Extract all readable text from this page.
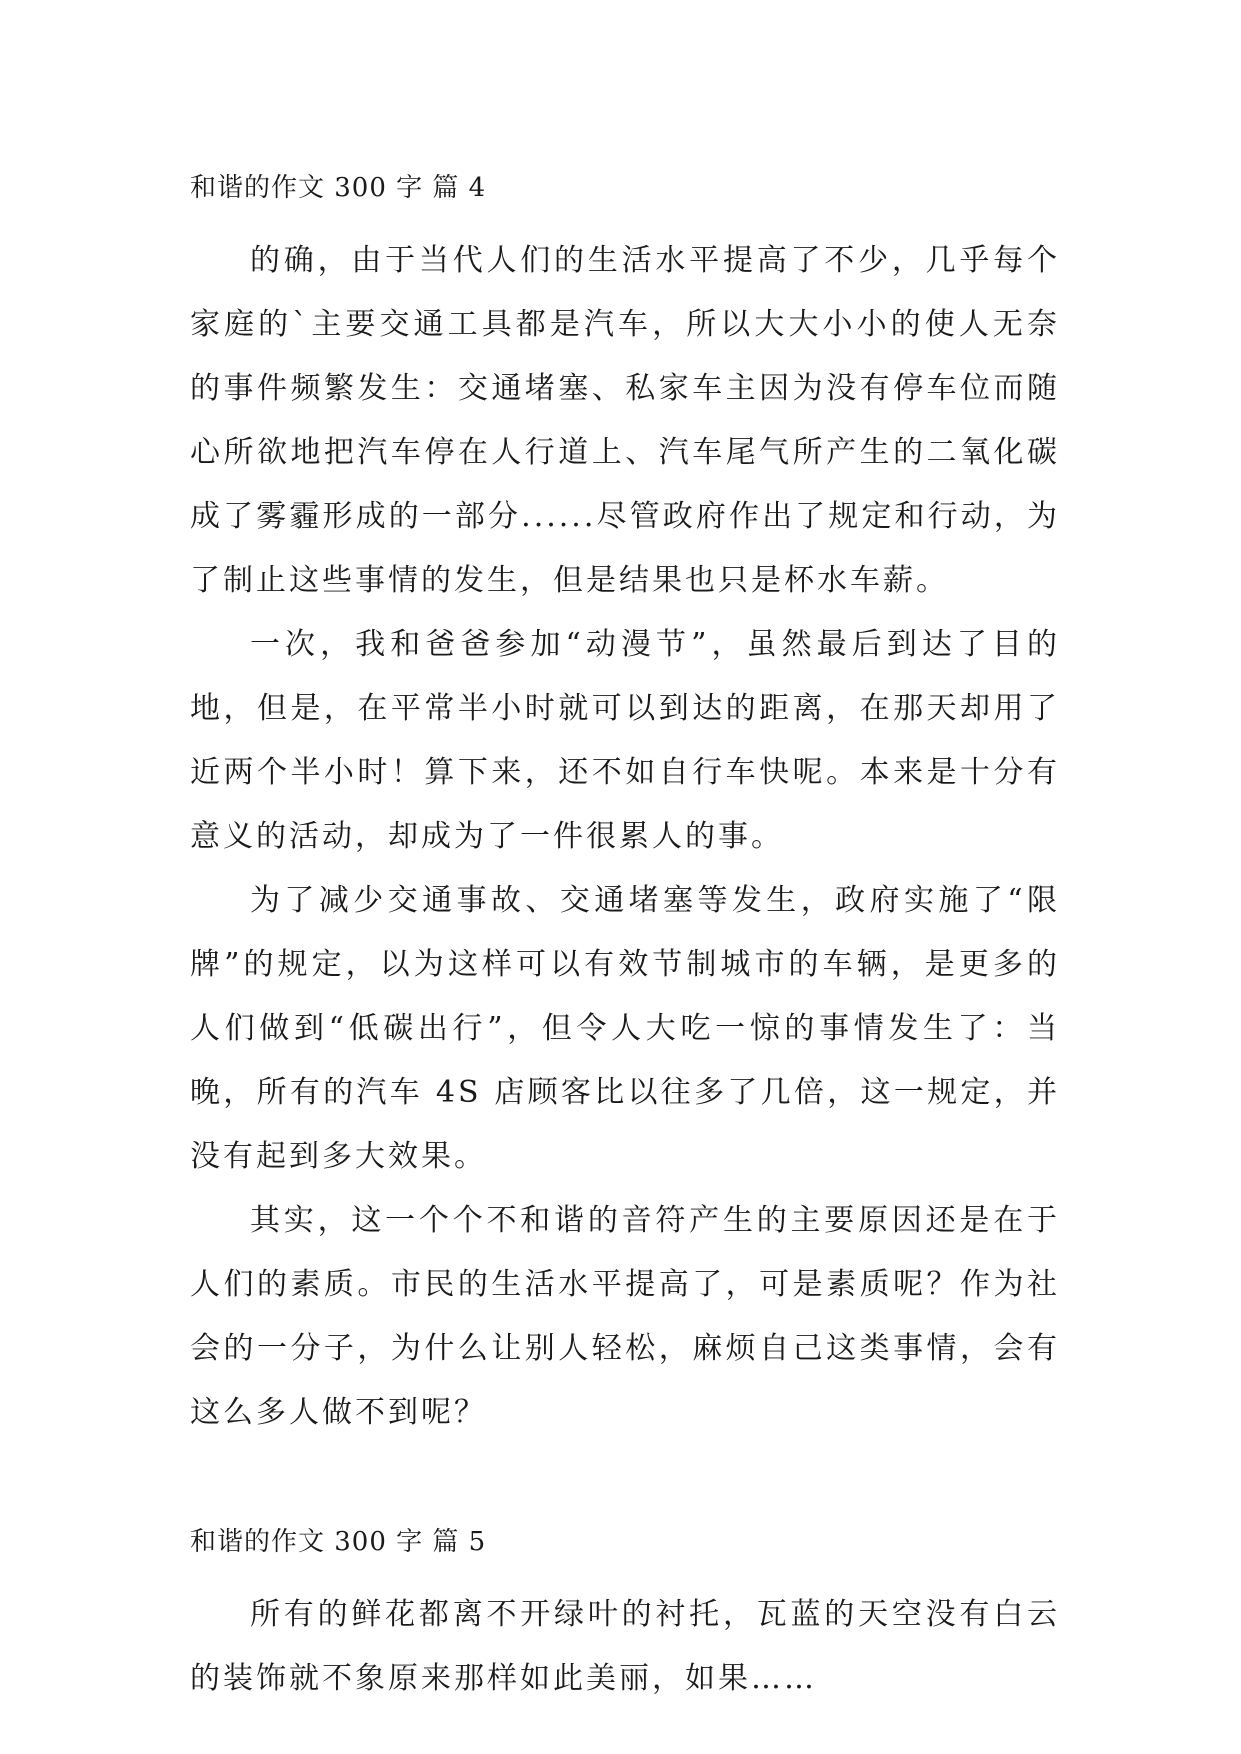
和谐的作文 300 字 篇 4

的确，由于当代人们的生活水平提高了不少，几乎每个家庭的`主要交通工具都是汽车，所以大大小小的使人无奈的事件频繁发生：交通堵塞、私家车主因为没有停车位而随心所欲地把汽车停在人行道上、汽车尾气所产生的二氧化碳成了雾霾形成的一部分......尽管政府作出了规定和行动，为了制止这些事情的发生，但是结果也只是杯水车薪。

一次，我和爸爸参加“动漫节”，虽然最后到达了目的地，但是，在平常半小时就可以到达的距离，在那天却用了近两个半小时！算下来，还不如自行车快呢。本来是十分有意义的活动，却成为了一件很累人的事。

为了减少交通事故、交通堵塞等发生，政府实施了“限牌”的规定，以为这样可以有效节制城市的车辆，是更多的人们做到“低碳出行”，但令人大吃一惊的事情发生了：当晚，所有的汽车 4S 店顾客比以往多了几倍，这一规定，并没有起到多大效果。

其实，这一个个不和谐的音符产生的主要原因还是在于人们的素质。市民的生活水平提高了，可是素质呢？作为社会的一分子，为什么让别人轻松，麻烦自己这类事情，会有这么多人做不到呢？

和谐的作文 300 字 篇 5

所有的鲜花都离不开绿叶的衬托，瓦蓝的天空没有白云的装饰就不象原来那样如此美丽，如果……
